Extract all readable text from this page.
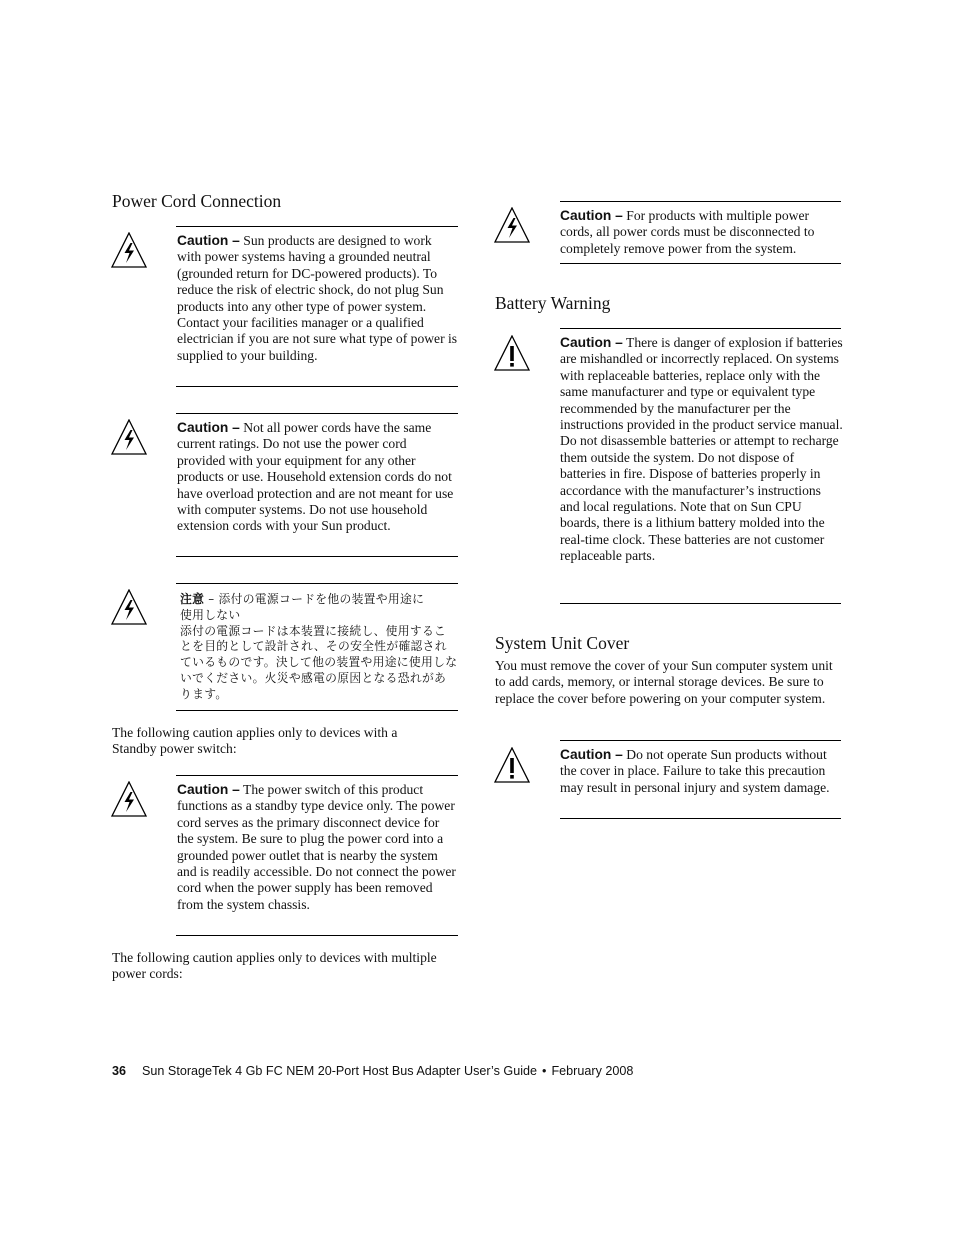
Power Cord Connection
Caution – Sun products are designed to work with power systems having a grounded neutral (grounded return for DC-powered products). To reduce the risk of electric shock, do not plug Sun products into any other type of power system. Contact your facilities manager or a qualified electrician if you are not sure what type of power is supplied to your building.
Caution – Not all power cords have the same current ratings. Do not use the power cord provided with your equipment for any other products or use. Household extension cords do not have overload protection and are not meant for use with computer systems. Do not use household extension cords with your Sun product.
注意 – 添付の電源コードを他の装置や用途に
使用しない
添付の電源コードは本装置に接続し、使用することを目的として設計され、その安全性が確認されているものです。決して他の装置や用途に使用しないでください。火災や感電の原因となる恐れがあります。

The following caution applies only to devices with a Standby power switch:

Caution – The power switch of this product functions as a standby type device only. The power cord serves as the primary disconnect device for the system. Be sure to plug the power cord into a grounded power outlet that is nearby the system and is readily accessible. Do not connect the power cord when the power supply has been removed from the system chassis.

The following caution applies only to devices with multiple power cords:

Caution – For products with multiple power cords, all power cords must be disconnected to completely remove power from the system.
Battery Warning
Caution – There is danger of explosion if batteries are mishandled or incorrectly replaced. On systems with replaceable batteries, replace only with the same manufacturer and type or equivalent type recommended by the manufacturer per the instructions provided in the product service manual. Do not disassemble batteries or attempt to recharge them outside the system. Do not dispose of batteries in fire. Dispose of batteries properly in accordance with the manufacturer’s instructions and local regulations. Note that on Sun CPU boards, there is a lithium battery molded into the real-time clock. These batteries are not customer replaceable parts.
System Unit Cover

You must remove the cover of your Sun computer system unit to add cards, memory, or internal storage devices. Be sure to replace the cover before powering on your computer system.

Caution – Do not operate Sun products without the cover in place. Failure to take this precaution may result in personal injury and system damage.
36 Sun StorageTek 4 Gb FC NEM 20-Port Host Bus Adapter User’s Guide • February 2008
